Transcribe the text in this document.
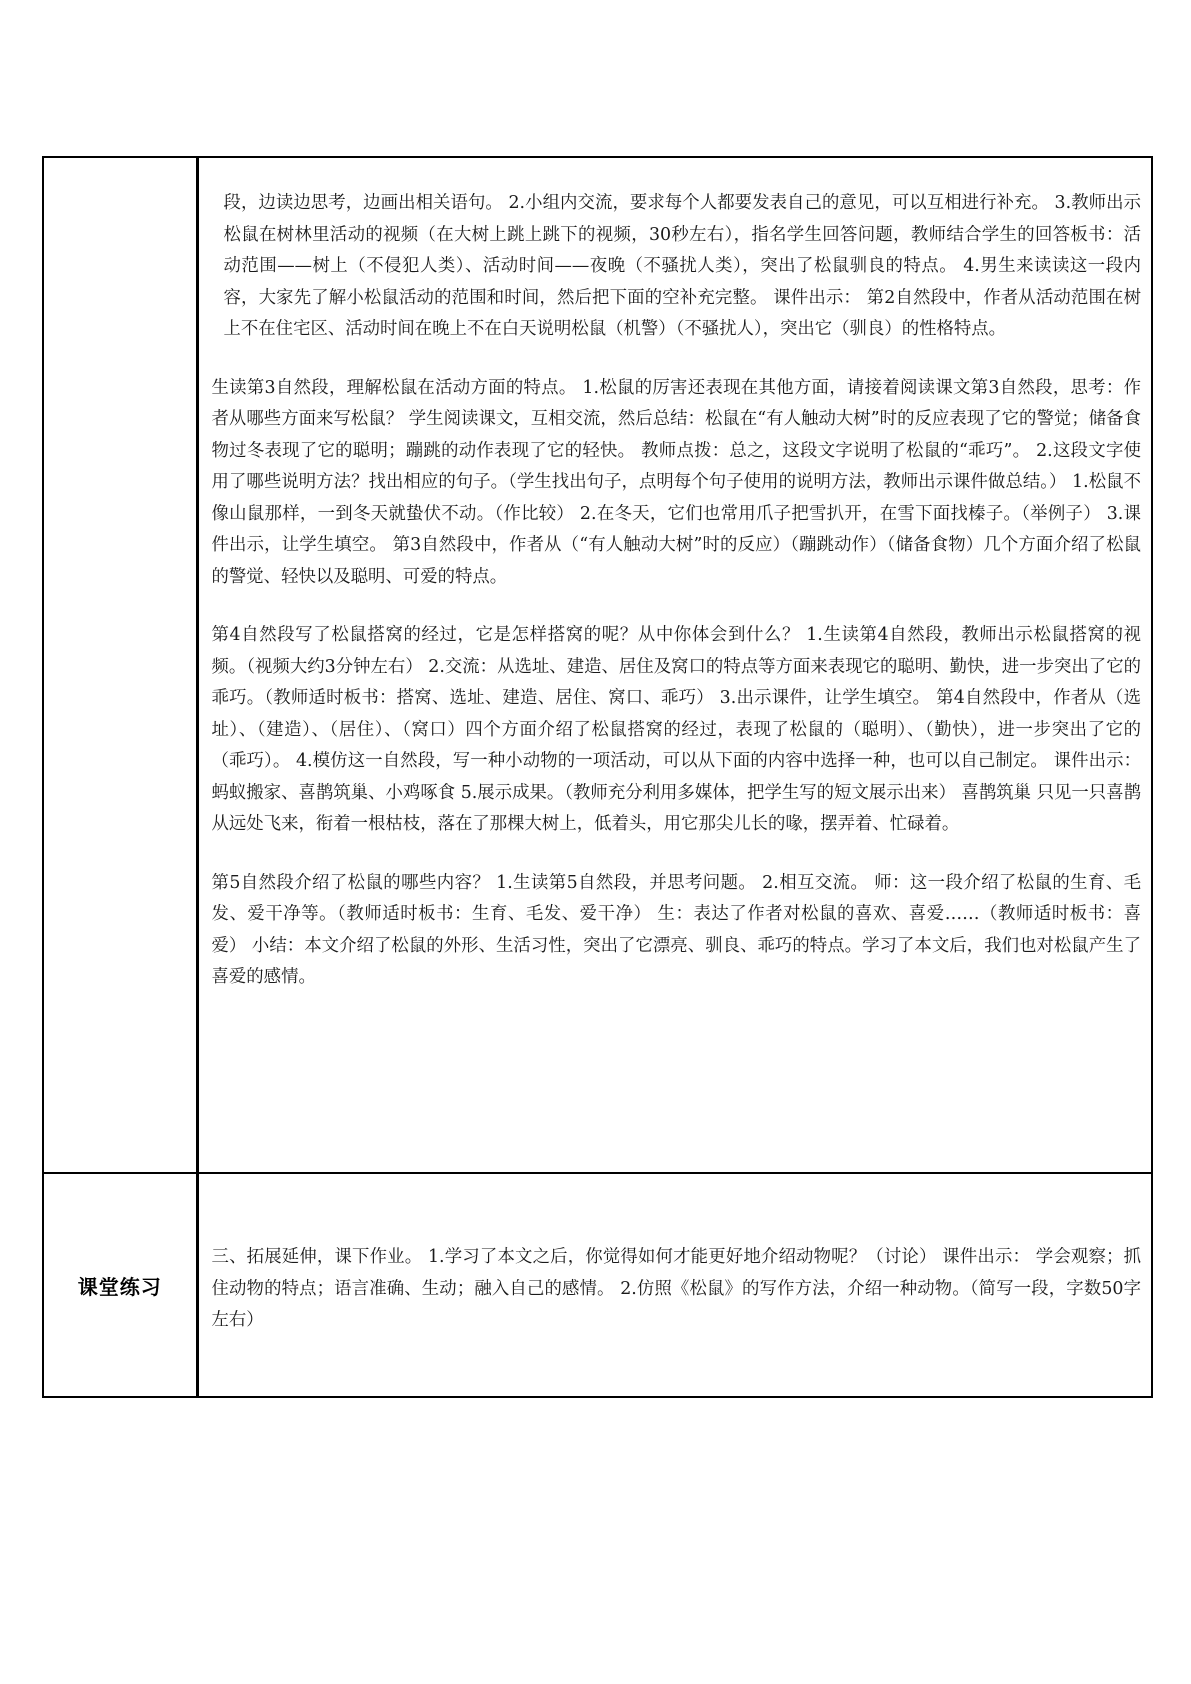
	段，边读边思考，边画出相关语句。 2.小组内交流，要求每个人都要发表自己的意见，可以互相进行补充。 3.教师出示松鼠在树林里活动的视频（在大树上跳上跳下的视频，30秒左右），指名学生回答问题，教师结合学生的回答板书：活动范围——树上（不侵犯人类）、活动时间——夜晚（不骚扰人类），突出了松鼠驯良的特点。 4.男生来读读这一段内容，大家先了解小松鼠活动的范围和时间，然后把下面的空补充完整。 课件出示： 第2自然段中，作者从活动范围在树上不在住宅区、活动时间在晚上不在白天说明松鼠（机警）（不骚扰人），突出它（驯良）的性格特点。

生读第3自然段，理解松鼠在活动方面的特点。 1.松鼠的厉害还表现在其他方面，请接着阅读课文第3自然段，思考：作者从哪些方面来写松鼠？ 学生阅读课文，互相交流，然后总结：松鼠在“有人触动大树”时的反应表现了它的警觉；储备食物过冬表现了它的聪明；蹦跳的动作表现了它的轻快。 教师点拨：总之，这段文字说明了松鼠的“乖巧”。 2.这段文字使用了哪些说明方法？找出相应的句子。（学生找出句子，点明每个句子使用的说明方法，教师出示课件做总结。） 1.松鼠不像山鼠那样，一到冬天就蛰伏不动。（作比较） 2.在冬天，它们也常用爪子把雪扒开，在雪下面找榛子。（举例子） 3.课件出示，让学生填空。 第3自然段中，作者从（“有人触动大树”时的反应）（蹦跳动作）（储备食物）几个方面介绍了松鼠的警觉、轻快以及聪明、可爱的特点。

第4自然段写了松鼠搭窝的经过，它是怎样搭窝的呢？从中你体会到什么？ 1.生读第4自然段，教师出示松鼠搭窝的视频。（视频大约3分钟左右） 2.交流：从选址、建造、居住及窝口的特点等方面来表现它的聪明、勤快，进一步突出了它的乖巧。（教师适时板书：搭窝、选址、建造、居住、窝口、乖巧） 3.出示课件，让学生填空。 第4自然段中，作者从（选址）、（建造）、（居住）、（窝口）四个方面介绍了松鼠搭窝的经过，表现了松鼠的（聪明）、（勤快），进一步突出了它的（乖巧）。 4.模仿这一自然段，写一种小动物的一项活动，可以从下面的内容中选择一种，也可以自己制定。 课件出示： 蚂蚁搬家、喜鹊筑巢、小鸡啄食 5.展示成果。（教师充分利用多媒体，把学生写的短文展示出来） 喜鹊筑巢 只见一只喜鹊从远处飞来，衔着一根枯枝，落在了那棵大树上，低着头，用它那尖儿长的喙，摆弄着、忙碌着。

第5自然段介绍了松鼠的哪些内容？ 1.生读第5自然段，并思考问题。 2.相互交流。 师：这一段介绍了松鼠的生育、毛发、爱干净等。（教师适时板书：生育、毛发、爱干净） 生：表达了作者对松鼠的喜欢、喜爱……（教师适时板书：喜爱） 小结：本文介绍了松鼠的外形、生活习性，突出了它漂亮、驯良、乖巧的特点。学习了本文后，我们也对松鼠产生了喜爱的感情。

课堂练习	三、拓展延伸，课下作业。 1.学习了本文之后，你觉得如何才能更好地介绍动物呢？（讨论） 课件出示： 学会观察；抓住动物的特点；语言准确、生动；融入自己的感情。 2.仿照《松鼠》的写作方法，介绍一种动物。（简写一段，字数50字左右）
